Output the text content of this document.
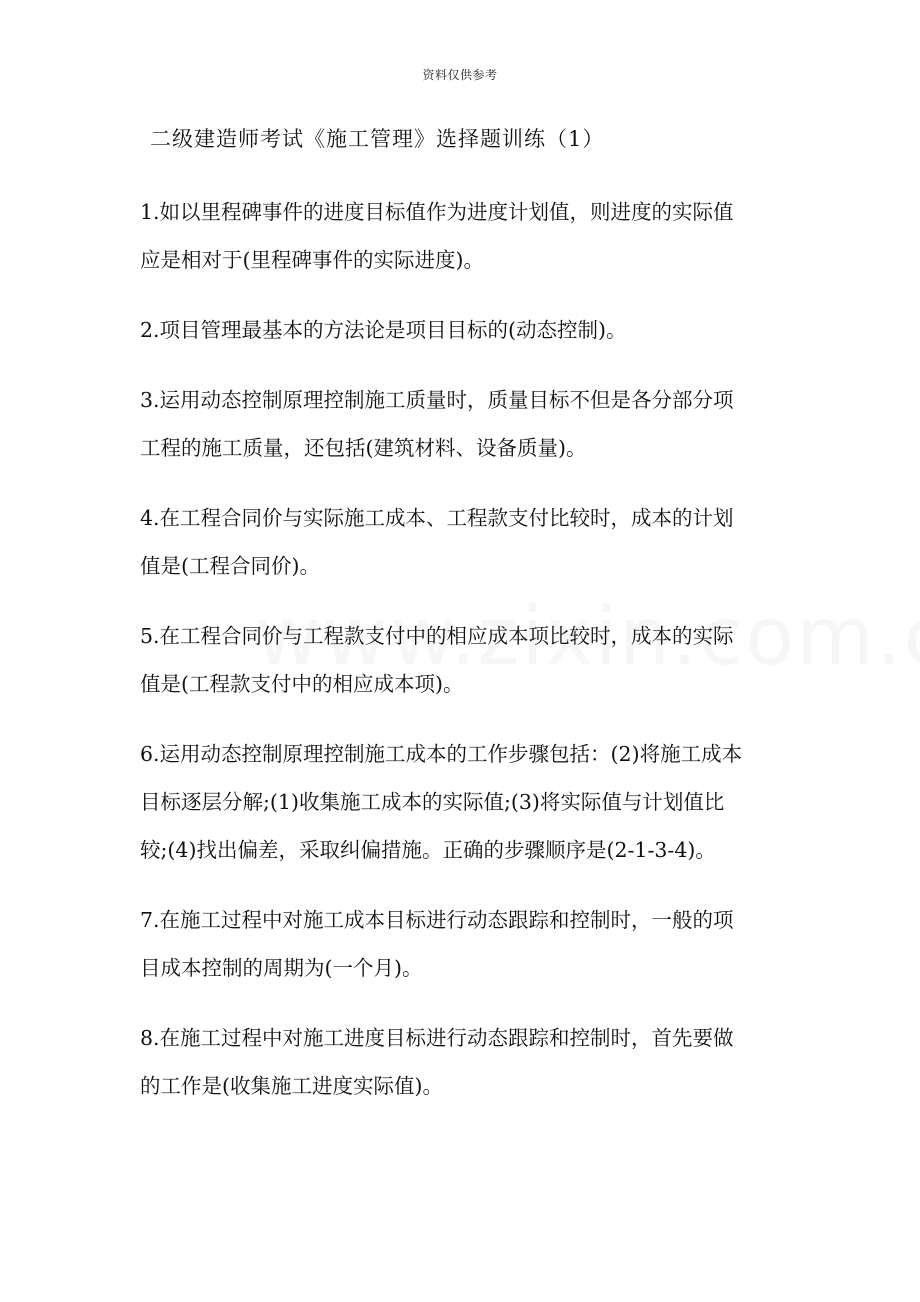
资料仅供参考
二级建造师考试《施工管理》选择题训练（1）
1.如以里程碑事件的进度目标值作为进度计划值，则进度的实际值
应是相对于(里程碑事件的实际进度)。
2.项目管理最基本的方法论是项目目标的(动态控制)。
3.运用动态控制原理控制施工质量时，质量目标不但是各分部分项
工程的施工质量，还包括(建筑材料、设备质量)。
4.在工程合同价与实际施工成本、工程款支付比较时，成本的计划
值是(工程合同价)。
5.在工程合同价与工程款支付中的相应成本项比较时，成本的实际
值是(工程款支付中的相应成本项)。
6.运用动态控制原理控制施工成本的工作步骤包括：(2)将施工成本
目标逐层分解;(1)收集施工成本的实际值;(3)将实际值与计划值比
较;(4)找出偏差，采取纠偏措施。正确的步骤顺序是(2-1-3-4)。
7.在施工过程中对施工成本目标进行动态跟踪和控制时，一般的项
目成本控制的周期为(一个月)。
8.在施工过程中对施工进度目标进行动态跟踪和控制时，首先要做
的工作是(收集施工进度实际值)。
